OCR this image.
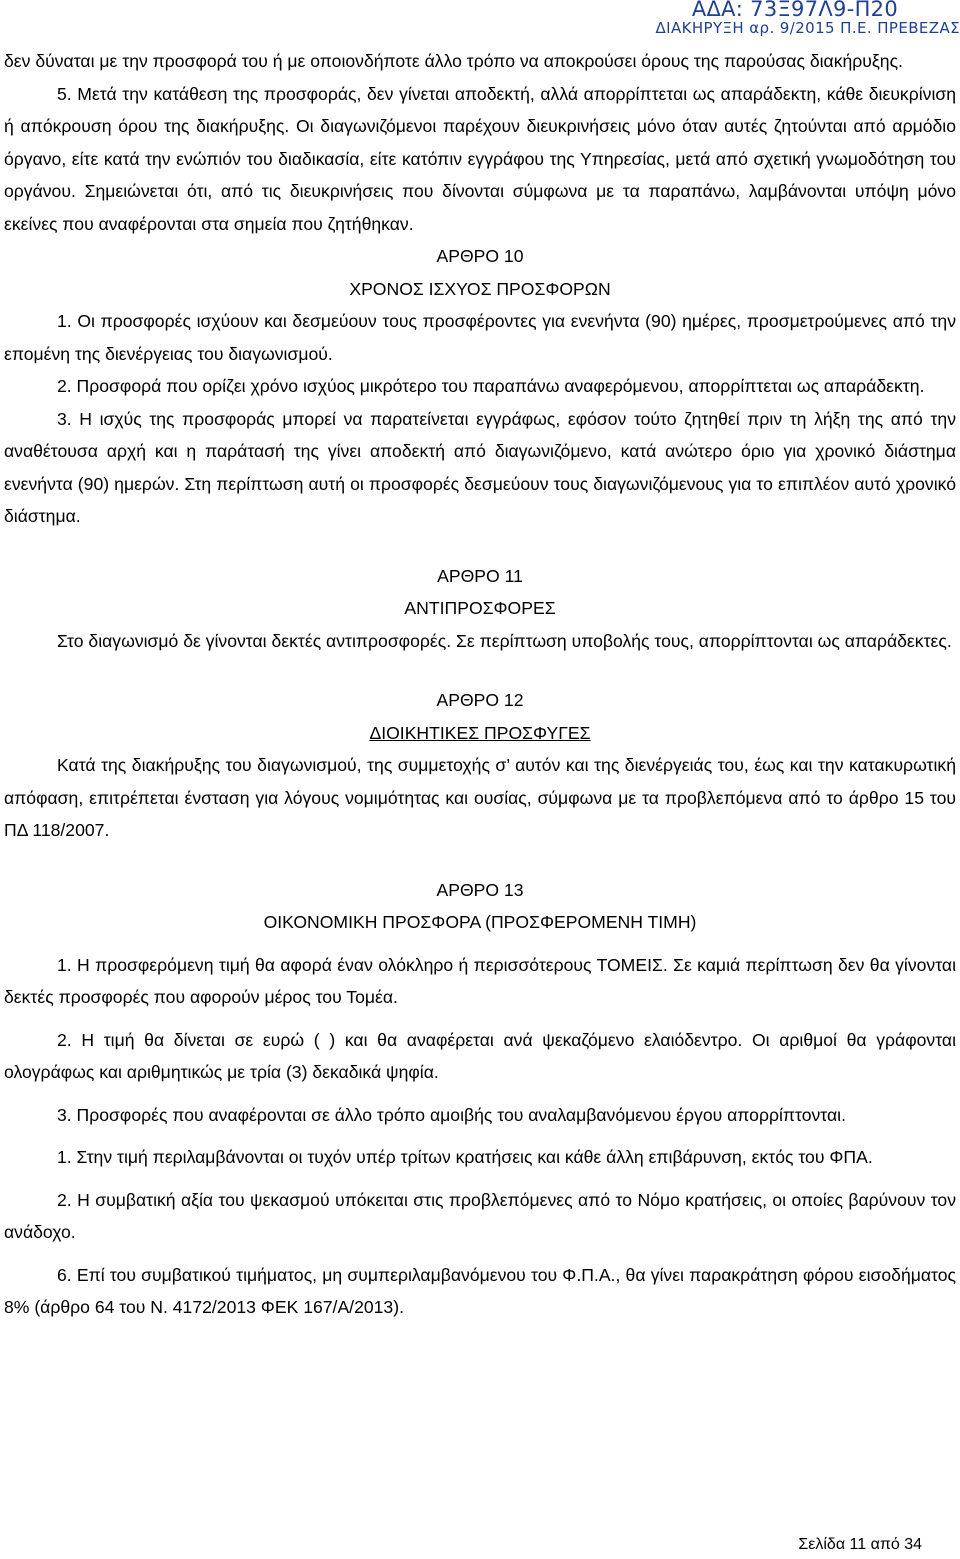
ΑΔΑ: 73Ξ97Λ9-Π20
ΔΙΑΚΗΡΥΞΗ αρ. 9/2015 Π.Ε. ΠΡΕΒΕΖΑΣ

δεν δύναται με την προσφορά του ή με οποιονδήποτε άλλο τρόπο να αποκρούσει όρους της παρούσας διακήρυξης.

5. Μετά την κατάθεση της προσφοράς, δεν γίνεται αποδεκτή, αλλά απορρίπτεται ως απαράδεκτη, κάθε διευκρίνιση ή απόκρουση όρου της διακήρυξης. Οι διαγωνιζόμενοι παρέχουν διευκρινήσεις μόνο όταν αυτές ζητούνται από αρμόδιο όργανο, είτε κατά την ενώπιόν του διαδικασία, είτε κατόπιν εγγράφου της Υπηρεσίας, μετά από σχετική γνωμοδότηση του οργάνου. Σημειώνεται ότι, από τις διευκρινήσεις που δίνονται σύμφωνα με τα παραπάνω, λαμβάνονται υπόψη μόνο εκείνες που αναφέρονται στα σημεία που ζητήθηκαν.

ΑΡΘΡΟ 10
ΧΡΟΝΟΣ ΙΣΧΥΟΣ ΠΡΟΣΦΟΡΩΝ

1. Οι προσφορές ισχύουν και δεσμεύουν τους προσφέροντες για ενενήντα (90) ημέρες, προσμετρούμενες από την επομένη της διενέργειας του διαγωνισμού.

2. Προσφορά που ορίζει χρόνο ισχύος μικρότερο του παραπάνω αναφερόμενου, απορρίπτεται ως απαράδεκτη.

3. Η ισχύς της προσφοράς μπορεί να παρατείνεται εγγράφως, εφόσον τούτο ζητηθεί πριν τη λήξη της από την αναθέτουσα αρχή και η παράτασή της γίνει αποδεκτή από διαγωνιζόμενο, κατά ανώτερο όριο για χρονικό διάστημα ενενήντα (90) ημερών. Στη περίπτωση αυτή οι προσφορές δεσμεύουν τους διαγωνιζόμενους για το επιπλέον αυτό χρονικό διάστημα.

ΑΡΘΡΟ 11
ΑΝΤΙΠΡΟΣΦΟΡΕΣ

Στο διαγωνισμό δε γίνονται δεκτές αντιπροσφορές. Σε περίπτωση υποβολής τους, απορρίπτονται ως απαράδεκτες.

ΑΡΘΡΟ 12
ΔΙΟΙΚΗΤΙΚΕΣ ΠΡΟΣΦΥΓΕΣ

Κατά της διακήρυξης του διαγωνισμού, της συμμετοχής σ’ αυτόν και της διενέργειάς του, έως και την κατακυρωτική απόφαση, επιτρέπεται ένσταση για λόγους νομιμότητας και ουσίας, σύμφωνα με τα προβλεπόμενα από το άρθρο 15 του ΠΔ 118/2007.

ΑΡΘΡΟ 13
ΟΙΚΟΝΟΜΙΚΗ ΠΡΟΣΦΟΡΑ (ΠΡΟΣΦΕΡΟΜΕΝΗ ΤΙΜΗ)

1. Η προσφερόμενη τιμή θα αφορά έναν ολόκληρο ή περισσότερους ΤΟΜΕΙΣ. Σε καμιά περίπτωση δεν θα γίνονται δεκτές προσφορές που αφορούν μέρος του Τομέα.

2. Η τιμή θα δίνεται σε ευρώ ( ) και θα αναφέρεται ανά ψεκαζόμενο ελαιόδεντρο. Οι αριθμοί θα γράφονται ολογράφως και αριθμητικώς με τρία (3) δεκαδικά ψηφία.

3. Προσφορές που αναφέρονται σε άλλο τρόπο αμοιβής του αναλαμβανόμενου έργου απορρίπτονται.

1. Στην τιμή περιλαμβάνονται οι τυχόν υπέρ τρίτων κρατήσεις και κάθε άλλη επιβάρυνση, εκτός του ΦΠΑ.

2. Η συμβατική αξία του ψεκασμού υπόκειται στις προβλεπόμενες από το Νόμο κρατήσεις, οι οποίες βαρύνουν τον ανάδοχο.

6. Επί του συμβατικού τιμήματος, μη συμπεριλαμβανόμενου του Φ.Π.Α., θα γίνει παρακράτηση φόρου εισοδήματος 8% (άρθρο 64 του Ν. 4172/2013 ΦΕΚ 167/Α/2013).

Σελίδα 11 από 34
